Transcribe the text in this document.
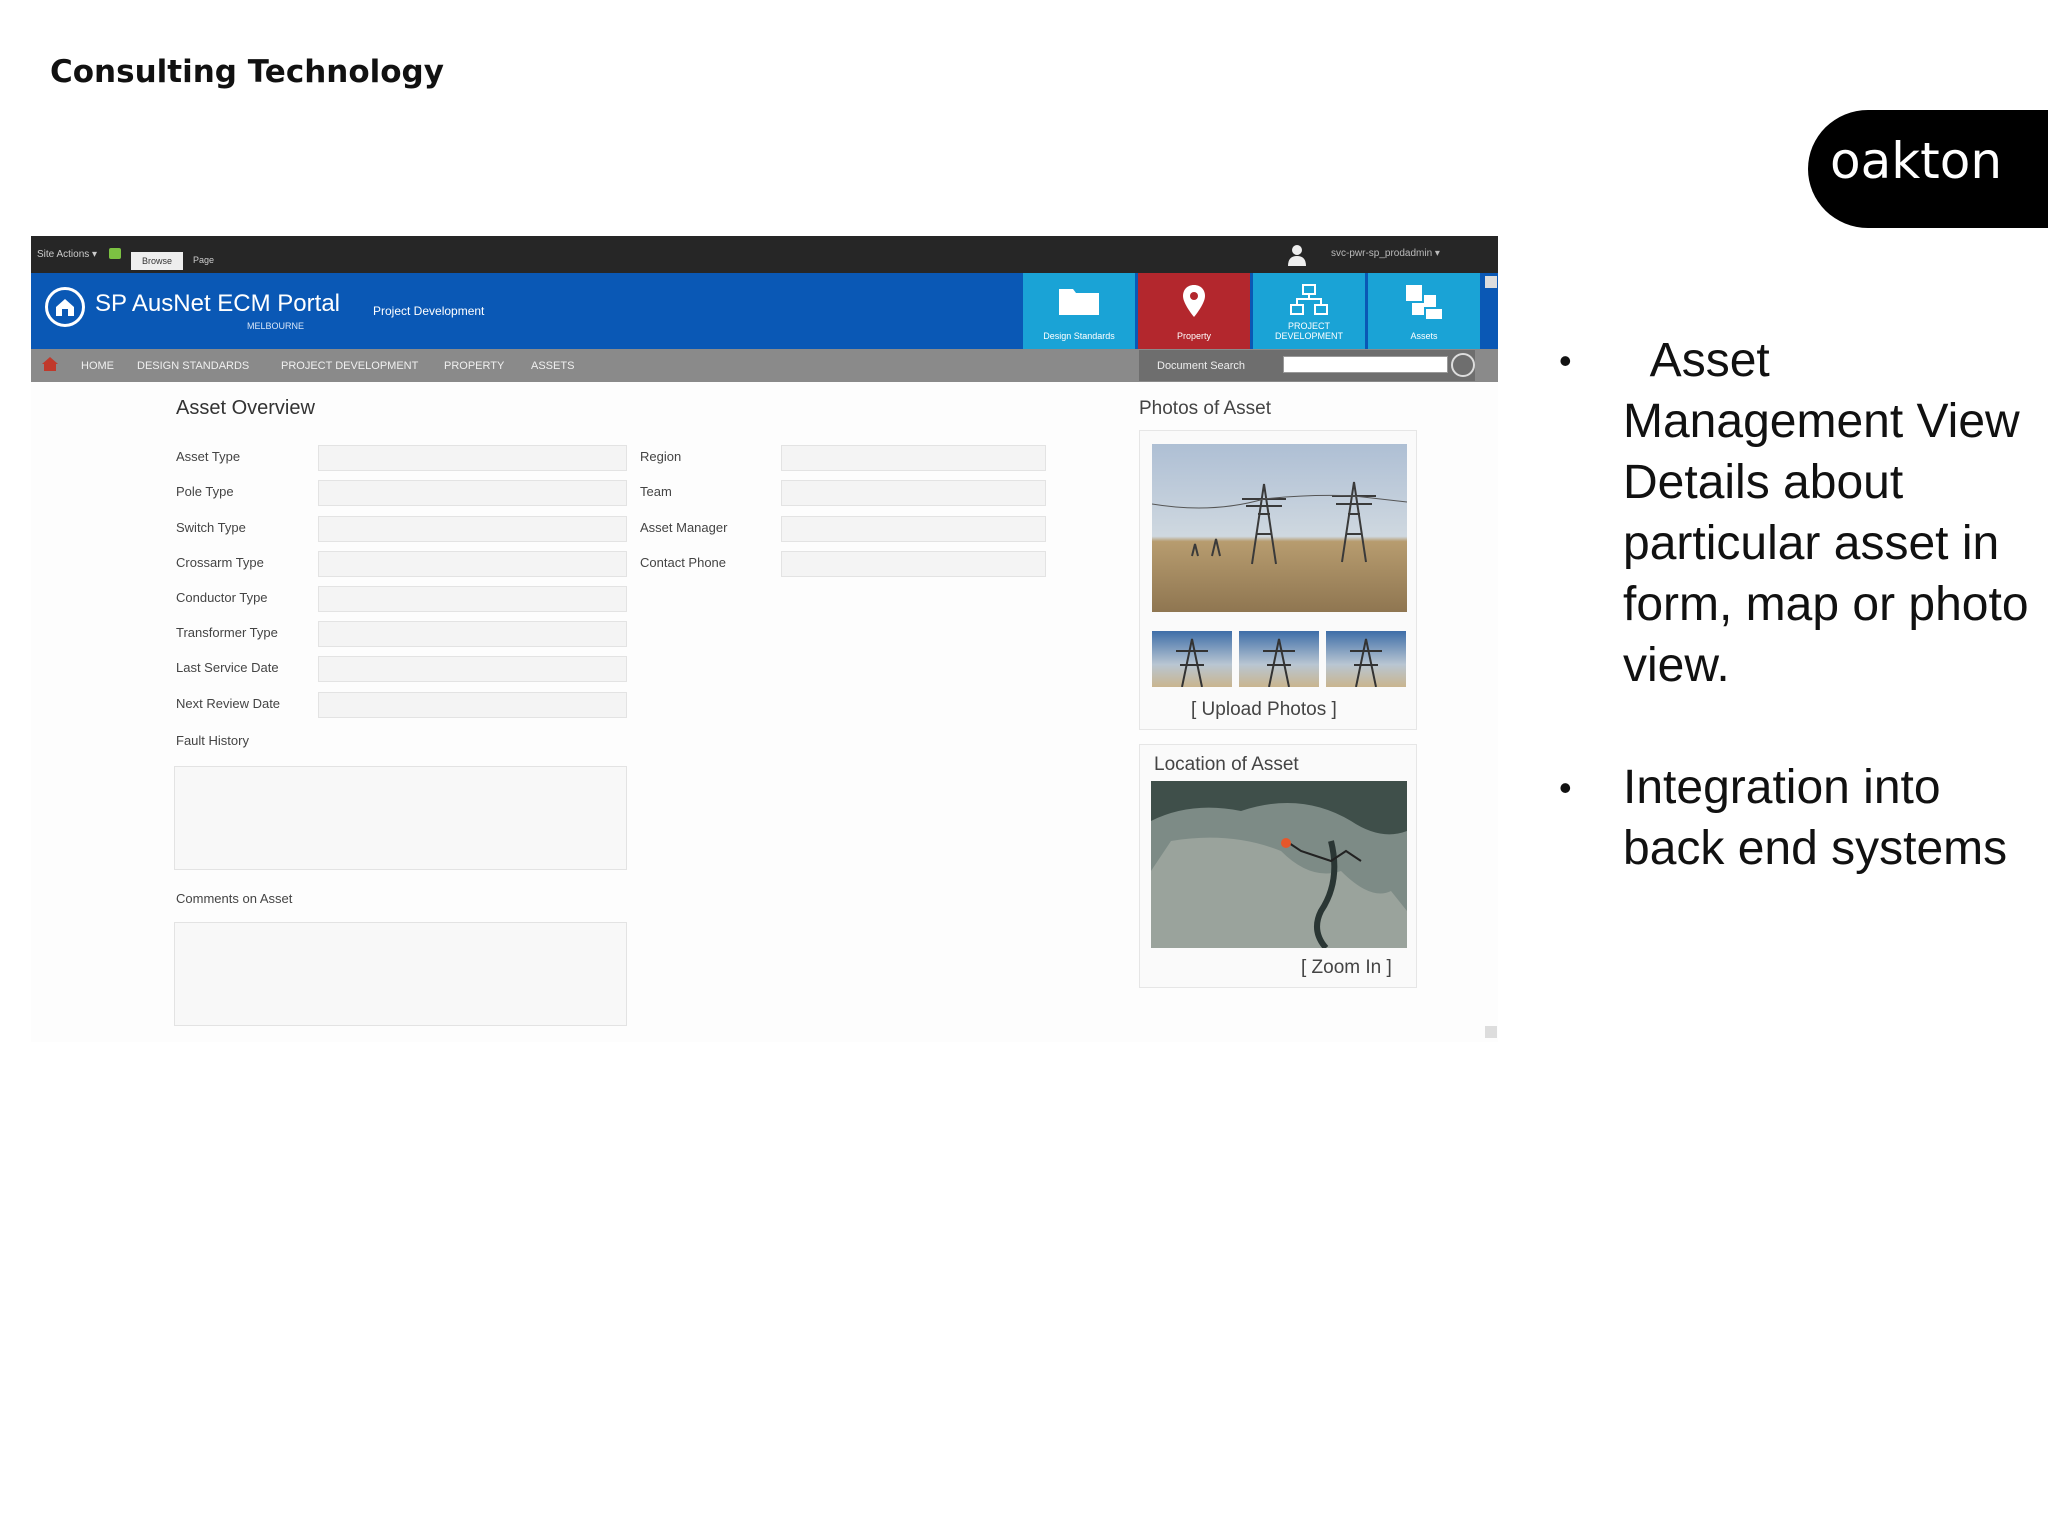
Consulting Technology
oakton
Site Actions ▾
Browse	Page
svc-pwr-sp_prodadmin ▾
SP AusNet ECM Portal
MELBOURNE
Project Development
Design Standards	Property
PROJECT DEVELOPMENT	Assets
HOME DESIGN STANDARDS	PROJECT DEVELOPMENT PROPERTY ASSETS	Document Search
Asset Overview
Asset Type
Pole Type
Switch Type
Crossarm Type
Conductor Type
Transformer Type
Last Service Date
Next Review Date
Region
Team
Asset Manager
Contact Phone
Fault History
Comments on Asset
Photos of Asset
[ Upload Photos ]
Location of Asset
[ Zoom In ]
• Asset Management View Details about particular asset in form, map or photo view.
• Integration into back end systems
